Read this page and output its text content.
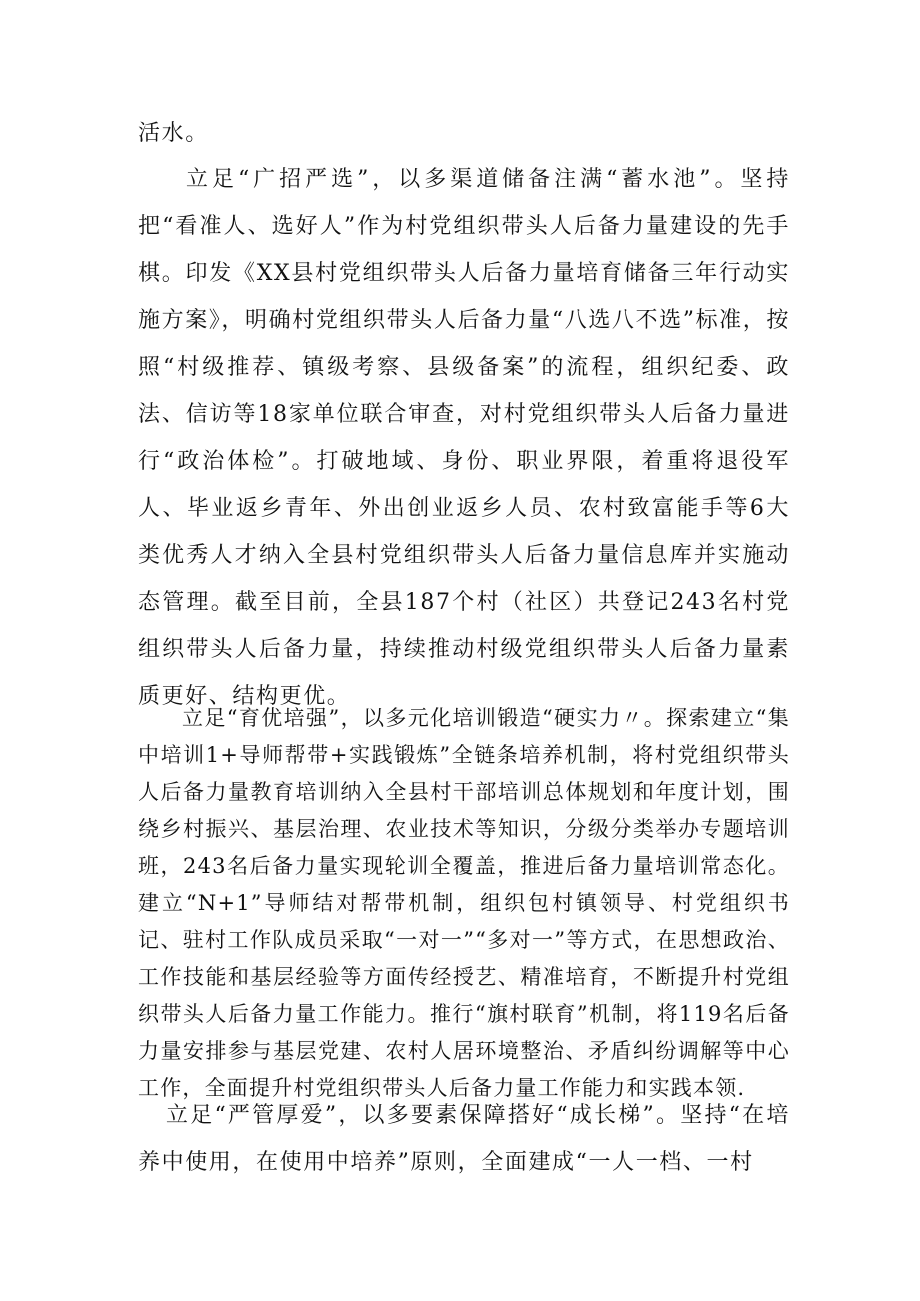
活水。

立足“广招严选”，以多渠道储备注满“蓄水池”。坚持把“看准人、选好人”作为村党组织带头人后备力量建设的先手棋。印发《XX县村党组织带头人后备力量培育储备三年行动实施方案》，明确村党组织带头人后备力量“八选八不选”标准，按照“村级推荐、镇级考察、县级备案”的流程，组织纪委、政法、信访等18家单位联合审查，对村党组织带头人后备力量进行“政治体检”。打破地域、身份、职业界限，着重将退役军人、毕业返乡青年、外出创业返乡人员、农村致富能手等6大类优秀人才纳入全县村党组织带头人后备力量信息库并实施动态管理。截至目前，全县187个村（社区）共登记243名村党组织带头人后备力量，持续推动村级党组织带头人后备力量素质更好、结构更优。

立足“育优培强”，以多元化培训锻造“硬实力〃。探索建立“集中培训1+导师帮带+实践锻炼”全链条培养机制，将村党组织带头人后备力量教育培训纳入全县村干部培训总体规划和年度计划，围绕乡村振兴、基层治理、农业技术等知识，分级分类举办专题培训班，243名后备力量实现轮训全覆盖，推进后备力量培训常态化。建立“N+1”导师结对帮带机制，组织包村镇领导、村党组织书记、驻村工作队成员采取“一对一”“多对一”等方式，在思想政治、工作技能和基层经验等方面传经授艺、精准培育，不断提升村党组织带头人后备力量工作能力。推行“旗村联育”机制，将119名后备力量安排参与基层党建、农村人居环境整治、矛盾纠纷调解等中心工作，全面提升村党组织带头人后备力量工作能力和实践本领.

立足“严管厚爱”，以多要素保障搭好“成长梯”。坚持“在培养中使用，在使用中培养”原则，全面建成“一人一档、一村
